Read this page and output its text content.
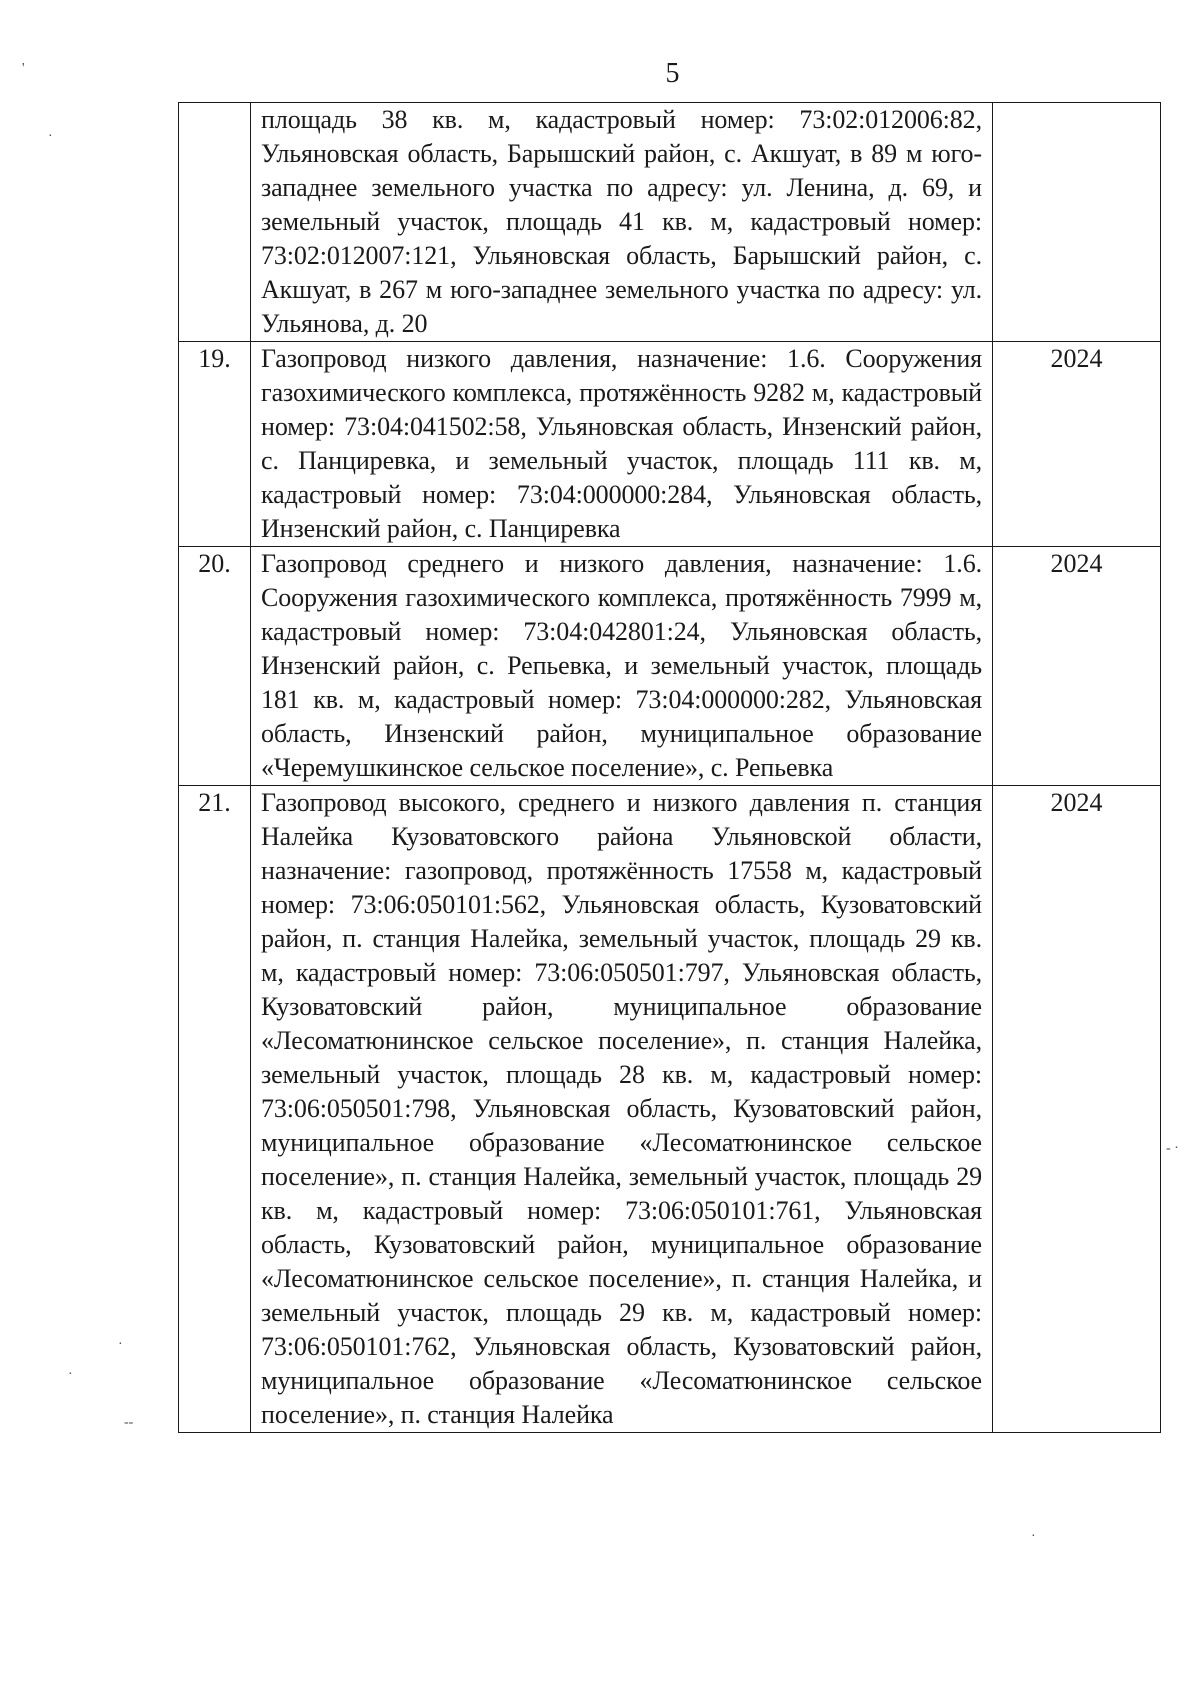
5
	площадь 38 кв. м, кадастровый номер: 73:02:012006:82, Ульяновская область, Барышский район, с. Акшуат, в 89 м юго-западнее земельного участка по адресу: ул. Ленина, д. 69, и земельный участок, площадь 41 кв. м, кадастровый номер: 73:02:012007:121, Ульяновская область, Барышский район, с. Акшуат, в 267 м юго-западнее земельного участка по адресу: ул. Ульянова, д. 20	
19.	Газопровод низкого давления, назначение: 1.6. Сооружения газохимического комплекса, протяжённость 9282 м, кадастровый номер: 73:04:041502:58, Ульяновская область, Инзенский район, с. Панциревка, и земельный участок, площадь 111 кв. м, кадастровый номер: 73:04:000000:284, Ульяновская область, Инзенский район, с. Панциревка	2024
20.	Газопровод среднего и низкого давления, назначение: 1.6. Сооружения газохимического комплекса, протяжённость 7999 м, кадастровый номер: 73:04:042801:24, Ульяновская область, Инзенский район, с. Репьевка, и земельный участок, площадь 181 кв. м, кадастровый номер: 73:04:000000:282, Ульяновская область, Инзенский район, муниципальное образование «Черемушкинское сельское поселение», с. Репьевка	2024
21.	Газопровод высокого, среднего и низкого давления п. станция Налейка Кузоватовского района Ульяновской области, назначение: газопровод, протяжённость 17558 м, кадастровый номер: 73:06:050101:562, Ульяновская область, Кузоватовский район, п. станция Налейка, земельный участок, площадь 29 кв. м, кадастровый номер: 73:06:050501:797, Ульяновская область, Кузоватовский район, муниципальное образование «Лесоматюнинское сельское поселение», п. станция Налейка, земельный участок, площадь 28 кв. м, кадастровый номер: 73:06:050501:798, Ульяновская область, Кузоватовский район, муниципальное образование «Лесоматюнинское сельское поселение», п. станция Налейка, земельный участок, площадь 29 кв. м, кадастровый номер: 73:06:050101:761, Ульяновская область, Кузоватовский район, муниципальное образование «Лесоматюнинское сельское поселение», п. станция Налейка, и земельный участок, площадь 29 кв. м, кадастровый номер: 73:06:050101:762, Ульяновская область, Кузоватовский район, муниципальное образование «Лесоматюнинское сельское поселение», п. станция Налейка	2024
'
·
·
·
--
- ·
·
